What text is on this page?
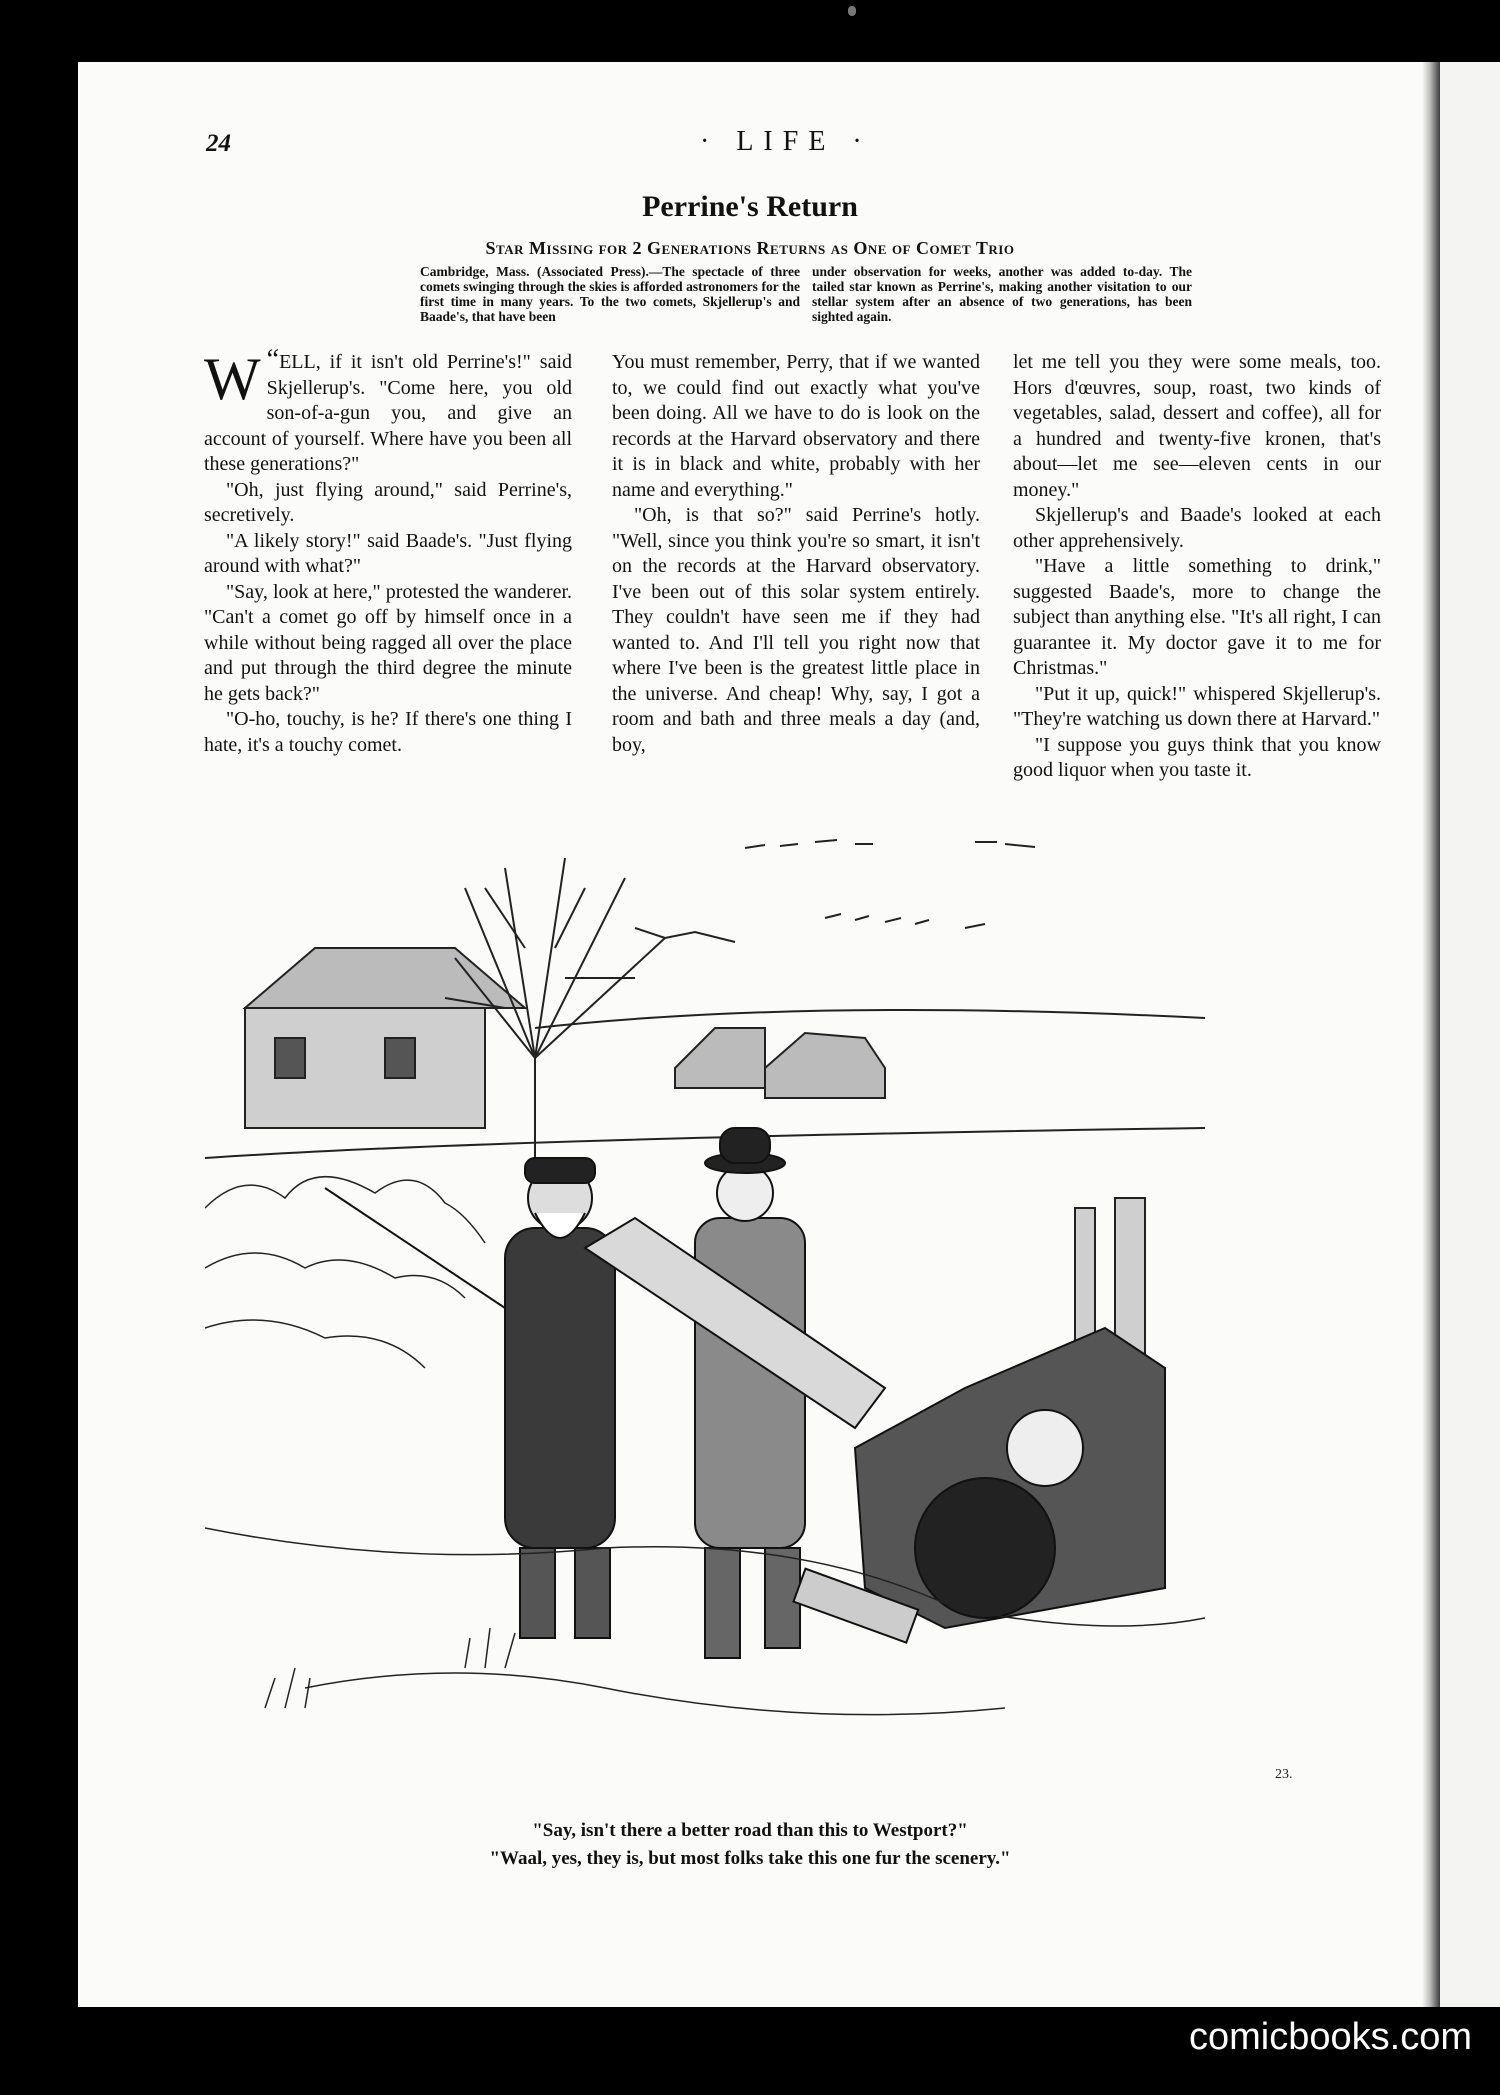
24	· LIFE ·
Perrine's Return
Star Missing for 2 Generations Returns as One of Comet Trio
Cambridge, Mass. (Associated Press).—The spectacle of three comets swinging through the skies is afforded astronomers for the first time in many years. To the two comets, Skjellerup's and Baade's, that have been
under observation for weeks, another was added to-day. The tailed star known as Perrine's, making another visitation to our stellar system after an absence of two generations, has been sighted again.

“
W ELL, if it isn't old Perrine's!" said Skjellerup's. "Come here, you old son-of-a-gun you, and give an account of yourself. Where have you been all these generations?"

"Oh, just flying around," said Perrine's, secretively.

"A likely story!" said Baade's. "Just flying around with what?"

"Say, look at here," protested the wanderer. "Can't a comet go off by himself once in a while without being ragged all over the place and put through the third degree the minute he gets back?"

"O-ho, touchy, is he? If there's one thing I hate, it's a touchy comet.

You must remember, Perry, that if we wanted to, we could find out exactly what you've been doing. All we have to do is look on the records at the Harvard observatory and there it is in black and white, probably with her name and everything."

"Oh, is that so?" said Perrine's hotly. "Well, since you think you're so smart, it isn't on the records at the Harvard observatory. I've been out of this solar system entirely. They couldn't have seen me if they had wanted to. And I'll tell you right now that where I've been is the greatest little place in the universe. And cheap! Why, say, I got a room and bath and three meals a day (and, boy,

let me tell you they were some meals, too. Hors d'œuvres, soup, roast, two kinds of vegetables, salad, dessert and coffee), all for a hundred and twenty-five kronen, that's about—let me see—eleven cents in our money."

Skjellerup's and Baade's looked at each other apprehensively.

"Have a little something to drink," suggested Baade's, more to change the subject than anything else. "It's all right, I can guarantee it. My doctor gave it to me for Christmas."

"Put it up, quick!" whispered Skjellerup's. "They're watching us down there at Harvard."

"I suppose you guys think that you know good liquor when you taste it.

23.
"Say, isn't there a better road than this to Westport?"
"Waal, yes, they is, but most folks take this one fur the scenery."
comicbooks.com
